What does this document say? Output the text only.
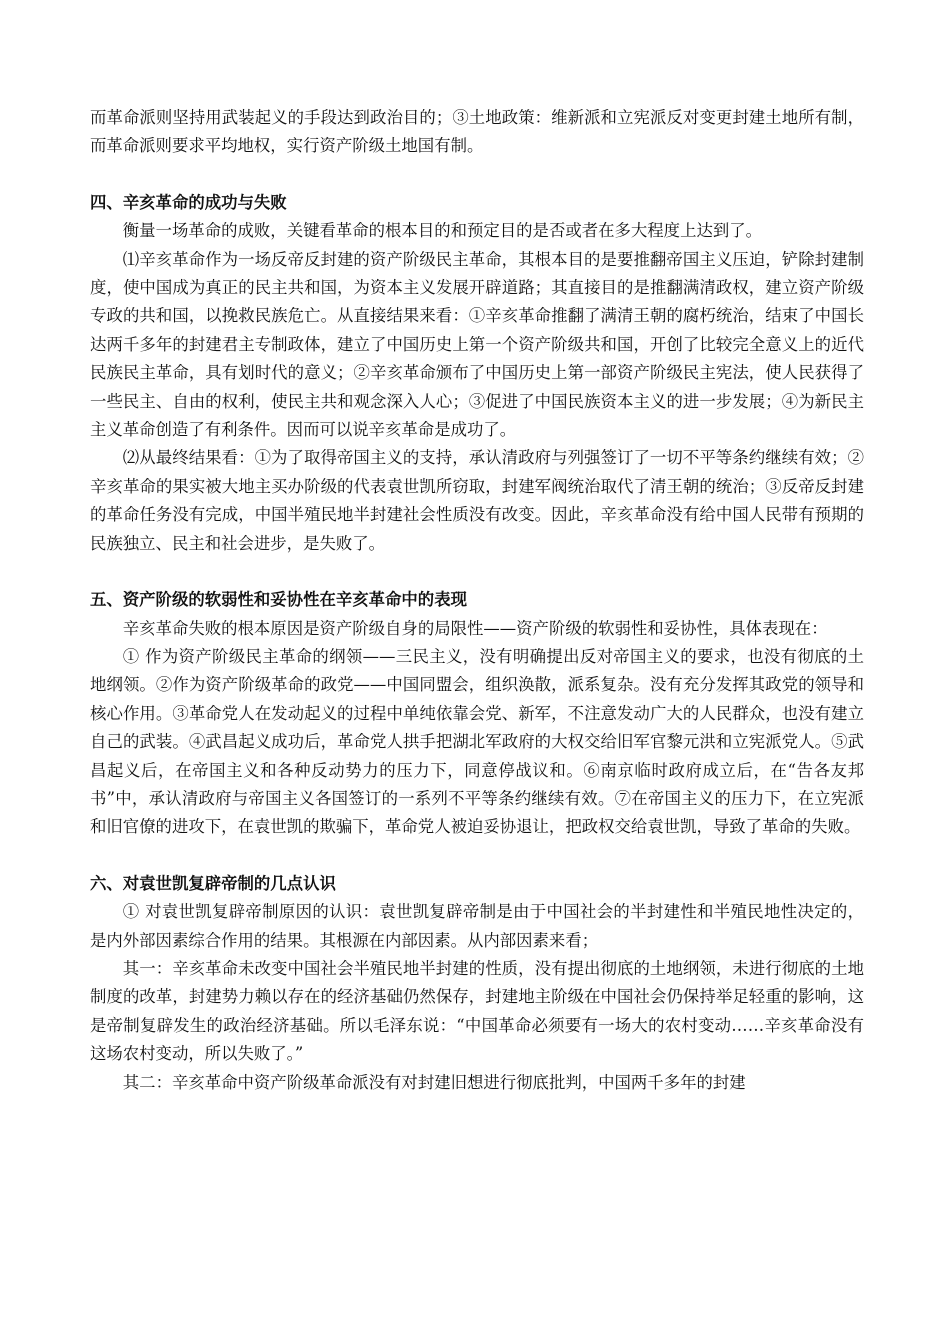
而革命派则坚持用武装起义的手段达到政治目的；③土地政策：维新派和立宪派反对变更封建土地所有制，而革命派则要求平均地权，实行资产阶级土地国有制。

四、辛亥革命的成功与失败

衡量一场革命的成败，关键看革命的根本目的和预定目的是否或者在多大程度上达到了。

⑴辛亥革命作为一场反帝反封建的资产阶级民主革命，其根本目的是要推翻帝国主义压迫，铲除封建制度，使中国成为真正的民主共和国，为资本主义发展开辟道路；其直接目的是推翻满清政权，建立资产阶级专政的共和国，以挽救民族危亡。从直接结果来看：①辛亥革命推翻了满清王朝的腐朽统治，结束了中国长达两千多年的封建君主专制政体，建立了中国历史上第一个资产阶级共和国，开创了比较完全意义上的近代民族民主革命，具有划时代的意义；②辛亥革命颁布了中国历史上第一部资产阶级民主宪法，使人民获得了一些民主、自由的权利，使民主共和观念深入人心；③促进了中国民族资本主义的进一步发展；④为新民主主义革命创造了有利条件。因而可以说辛亥革命是成功了。

⑵从最终结果看：①为了取得帝国主义的支持，承认清政府与列强签订了一切不平等条约继续有效；②辛亥革命的果实被大地主买办阶级的代表袁世凯所窃取，封建军阀统治取代了清王朝的统治；③反帝反封建的革命任务没有完成，中国半殖民地半封建社会性质没有改变。因此，辛亥革命没有给中国人民带有预期的民族独立、民主和社会进步，是失败了。

五、资产阶级的软弱性和妥协性在辛亥革命中的表现

辛亥革命失败的根本原因是资产阶级自身的局限性——资产阶级的软弱性和妥协性，具体表现在：

① 作为资产阶级民主革命的纲领——三民主义，没有明确提出反对帝国主义的要求，也没有彻底的土地纲领。②作为资产阶级革命的政党——中国同盟会，组织涣散，派系复杂。没有充分发挥其政党的领导和核心作用。③革命党人在发动起义的过程中单纯依靠会党、新军，不注意发动广大的人民群众，也没有建立自己的武装。④武昌起义成功后，革命党人拱手把湖北军政府的大权交给旧军官黎元洪和立宪派党人。⑤武昌起义后，在帝国主义和各种反动势力的压力下，同意停战议和。⑥南京临时政府成立后，在“告各友邦书”中，承认清政府与帝国主义各国签订的一系列不平等条约继续有效。⑦在帝国主义的压力下，在立宪派和旧官僚的进攻下，在袁世凯的欺骗下，革命党人被迫妥协退让，把政权交给袁世凯，导致了革命的失败。

六、对袁世凯复辟帝制的几点认识

① 对袁世凯复辟帝制原因的认识：袁世凯复辟帝制是由于中国社会的半封建性和半殖民地性决定的，是内外部因素综合作用的结果。其根源在内部因素。从内部因素来看；

其一：辛亥革命未改变中国社会半殖民地半封建的性质，没有提出彻底的土地纲领，未进行彻底的土地制度的改革，封建势力赖以存在的经济基础仍然保存，封建地主阶级在中国社会仍保持举足轻重的影响，这是帝制复辟发生的政治经济基础。所以毛泽东说：“中国革命必须要有一场大的农村变动……辛亥革命没有这场农村变动，所以失败了。”

其二：辛亥革命中资产阶级革命派没有对封建旧想进行彻底批判，中国两千多年的封建
